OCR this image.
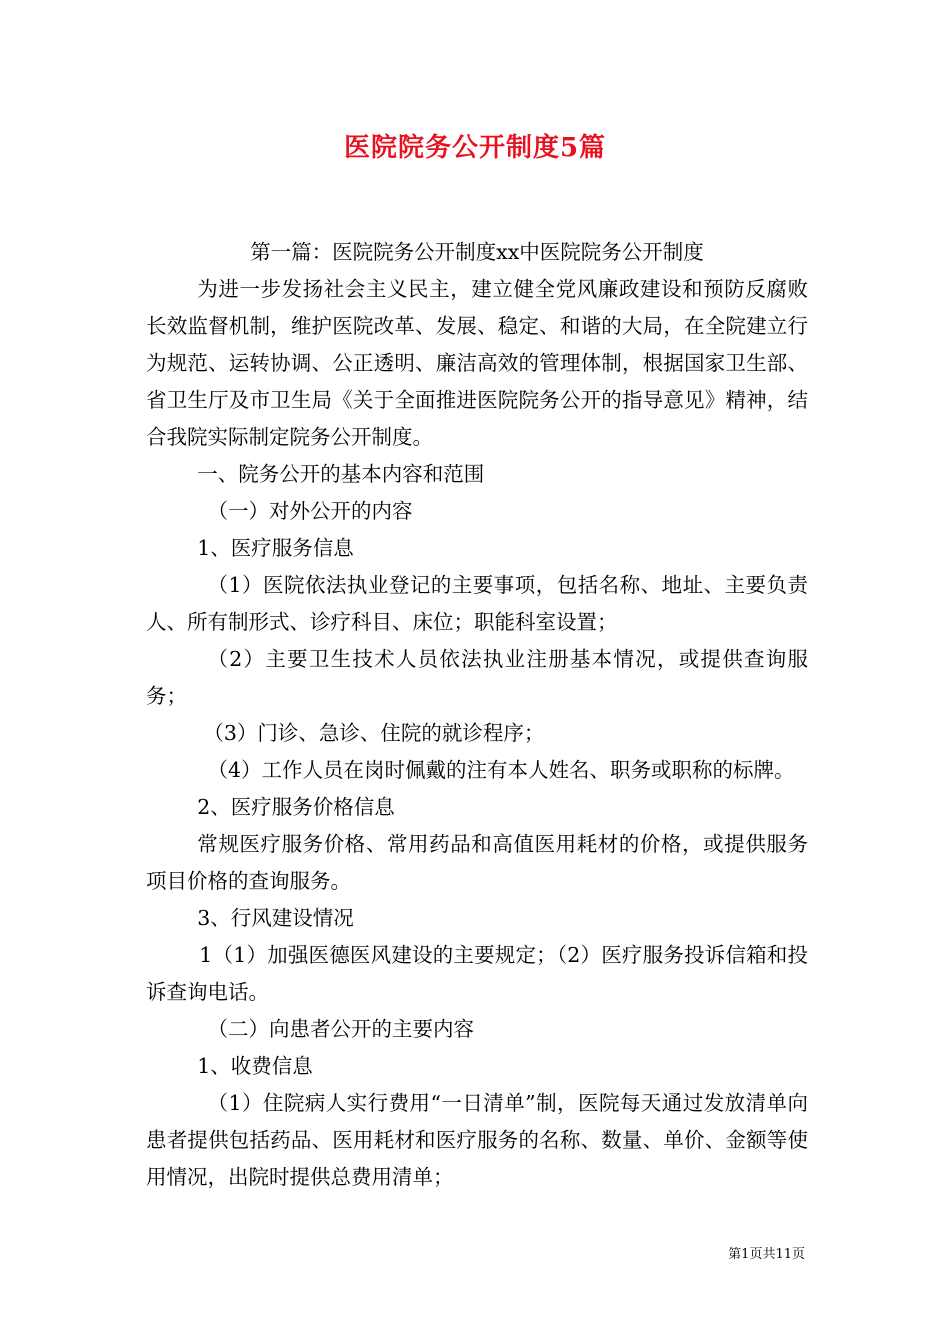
医院院务公开制度5篇

第一篇：医院院务公开制度xx中医院院务公开制度

为进一步发扬社会主义民主，建立健全党风廉政建设和预防反腐败长效监督机制，维护医院改革、发展、稳定、和谐的大局，在全院建立行为规范、运转协调、公正透明、廉洁高效的管理体制，根据国家卫生部、省卫生厅及市卫生局《关于全面推进医院院务公开的指导意见》精神，结合我院实际制定院务公开制度。

一、院务公开的基本内容和范围

（一）对外公开的内容

1、医疗服务信息

（1）医院依法执业登记的主要事项，包括名称、地址、主要负责人、所有制形式、诊疗科目、床位；职能科室设置；

（2）主要卫生技术人员依法执业注册基本情况，或提供查询服务；

（3）门诊、急诊、住院的就诊程序；

（4）工作人员在岗时佩戴的注有本人姓名、职务或职称的标牌。

2、医疗服务价格信息

常规医疗服务价格、常用药品和高值医用耗材的价格，或提供服务项目价格的查询服务。

3、行风建设情况

1（1）加强医德医风建设的主要规定；（2）医疗服务投诉信箱和投诉查询电话。

（二）向患者公开的主要内容

1、收费信息

（1）住院病人实行费用“一日清单”制，医院每天通过发放清单向患者提供包括药品、医用耗材和医疗服务的名称、数量、单价、金额等使用情况，出院时提供总费用清单；

第1页共11页
